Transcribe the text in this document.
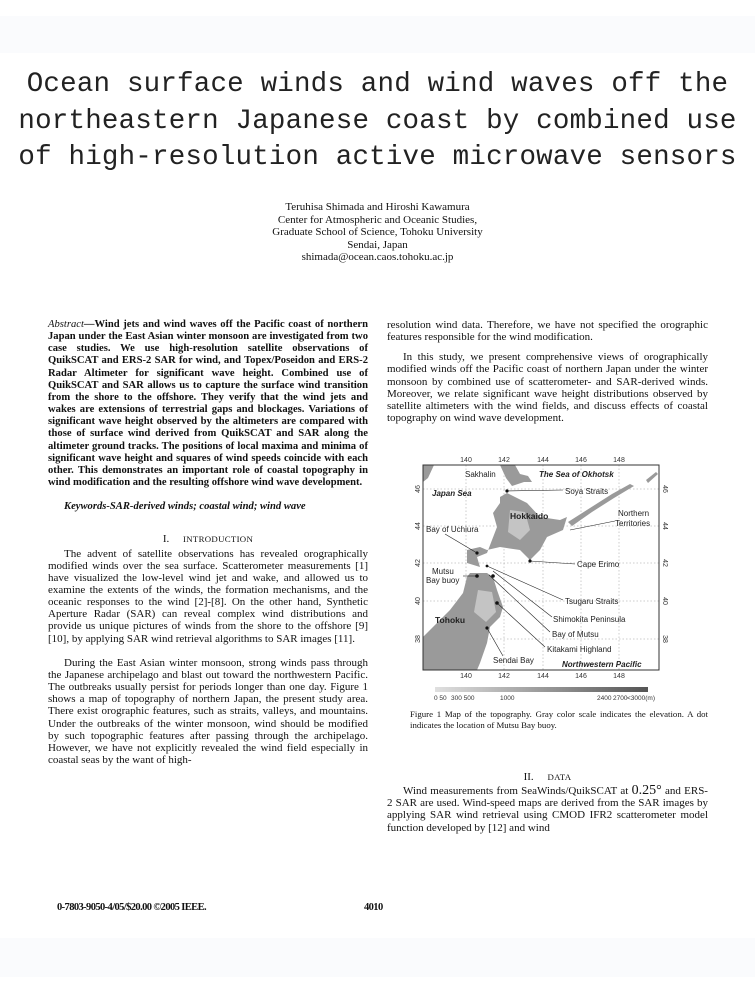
Ocean surface winds and wind waves off the
northeastern Japanese coast by combined use
of high-resolution active microwave sensors
Teruhisa Shimada and Hiroshi Kawamura
Center for Atmospheric and Oceanic Studies,
Graduate School of Science, Tohoku University
Sendai, Japan
shimada@ocean.caos.tohoku.ac.jp

Abstract—Wind jets and wind waves off the Pacific coast of northern Japan under the East Asian winter monsoon are investigated from two case studies. We use high-resolution satellite observations of QuikSCAT and ERS-2 SAR for wind, and Topex/Poseidon and ERS-2 Radar Altimeter for significant wave height. Combined use of QuikSCAT and SAR allows us to capture the surface wind transition from the shore to the offshore. They verify that the wind jets and wakes are extensions of terrestrial gaps and blockages. Variations of significant wave height observed by the altimeters are compared with those of surface wind derived from QuikSCAT and SAR along the altimeter ground tracks. The positions of local maxima and minima of significant wave height and squares of wind speeds coincide with each other. This demonstrates an important role of coastal topography in wind modification and the resulting offshore wind wave development.

Keywords-SAR-derived winds; coastal wind; wind wave

I. INTRODUCTION

The advent of satellite observations has revealed orographically modified winds over the sea surface. Scatterometer measurements [1] have visualized the low-level wind jet and wake, and allowed us to examine the extents of the winds, the formation mechanisms, and the oceanic responses to the wind [2]-[8]. On the other hand, Synthetic Aperture Radar (SAR) can reveal complex wind distributions and provide us unique pictures of winds from the shore to the offshore [9] [10], by applying SAR wind retrieval algorithms to SAR images [11].

During the East Asian winter monsoon, strong winds pass through the Japanese archipelago and blast out toward the northwestern Pacific. The outbreaks usually persist for periods longer than one day. Figure 1 shows a map of topography of northern Japan, the present study area. There exist orographic features, such as straits, valleys, and mountains. Under the outbreaks of the winter monsoon, wind should be modified by such topographic features after passing through the archipelago. However, we have not explicitly revealed the wind field especially in coastal seas by the want of high-

resolution wind data. Therefore, we have not specified the orographic features responsible for the wind modification.

In this study, we present comprehensive views of orographically modified winds off the Pacific coast of northern Japan under the winter monsoon by combined use of scatterometer- and SAR-derived winds. Moreover, we relate significant wave height distributions observed by satellite altimeters with the wind fields, and discuss effects of coastal topography on wind wave development.

140	142	144	146	148
140	142	144	146	148
46
44
42
40
38
46
44
42
40
38
Sakhalin	The Sea of Okhotsk
Japan Sea	Soya Straits
Hokkaido	Northern
Territories
Bay of Uchiura
Cape Erimo
Mutsu
Bay buoy
Tsugaru Straits
Tohoku	Shimokita Peninsula
Bay of Mutsu
Kitakami Highland
Sendai Bay	Northwestern Pacific
0 50 300 500	1000	2400 2700 <3000(m)
Figure 1 Map of the topography. Gray color scale indicates the elevation. A dot indicates the location of Mutsu Bay buoy.
II. DATA

Wind measurements from SeaWinds/QuikSCAT at 0.25° and ERS-2 SAR are used. Wind-speed maps are derived from the SAR images by applying SAR wind retrieval using CMOD IFR2 scatterometer model function developed by [12] and wind

0-7803-9050-4/05/$20.00 ©2005 IEEE.	4010
